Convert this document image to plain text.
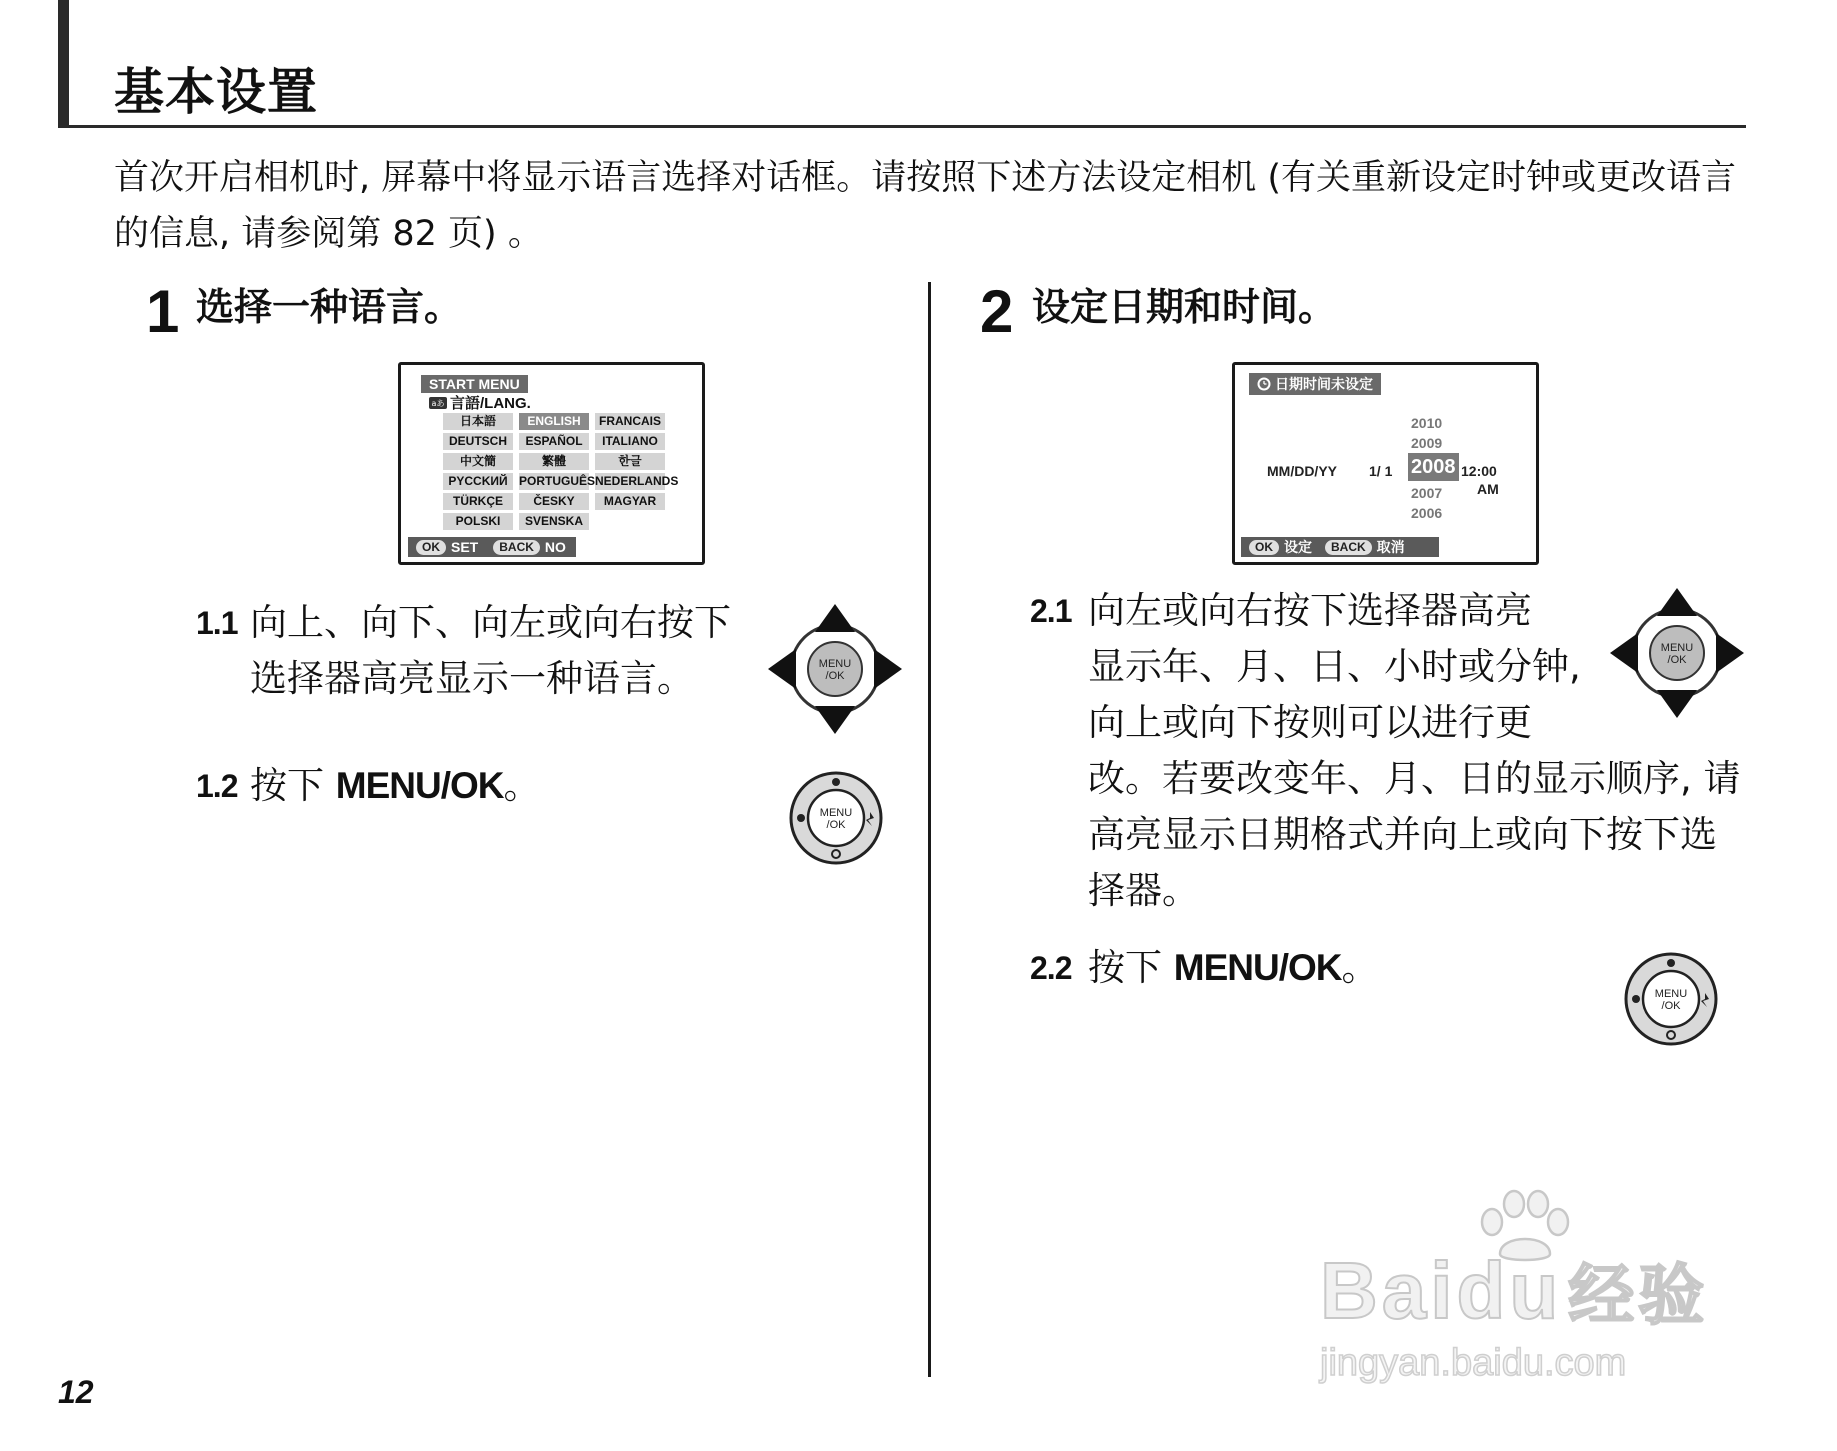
基本设置
首次开启相机时, 屏幕中将显示语言选择对话框。请按照下述方法设定相机 (有关重新设定时钟或更改语言的信息, 请参阅第 82 页) 。
1 选择一种语言。
START MENU
aあ 言語/LANG.
日本語	ENGLISH	FRANCAIS
DEUTSCH	ESPAÑOL	ITALIANO
中文簡	繁體	한글
PYCCKИЙ PORTUGUÊS NEDERLANDS
TÜRKÇE	ČESKY	MAGYAR
POLSKI	SVENSKA
OK SET	BACK NO
1.1 向上、向下、向左或向右按下选择器高亮显示一种语言。	MENU
/OK
1.2 按下 MENU/OK。
MENU
/OK
2 设定日期和时间。
日期时间未设定
2010
2009
MM/DD/YY 1/ 1 2008 12:00
AM
2007
2006
OK 设定	BACK 取消
2.1 向左或向右按下选择器高亮
显示年、月、日、小时或分钟,
向上或向下按则可以进行更
改。若要改变年、月、日的显示顺序, 请高亮显示日期格式并向上或向下按下选择器。
MENU
/OK
2.2 按下 MENU/OK。
MENU
/OK
Baidu经验
jingyan.baidu.com
12
